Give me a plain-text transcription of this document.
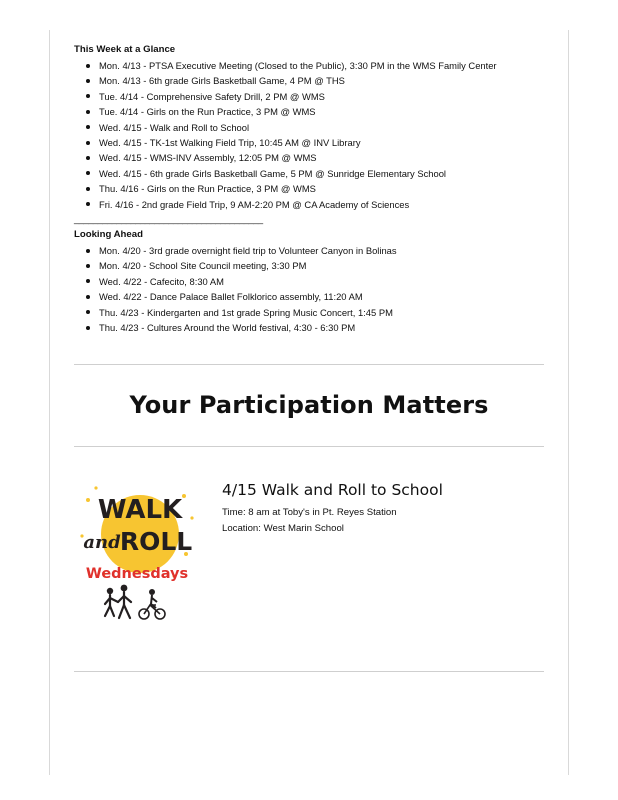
This Week at a Glance
Mon. 4/13 - PTSA Executive Meeting (Closed to the Public), 3:30 PM in the WMS Family Center
Mon. 4/13 - 6th grade Girls Basketball Game, 4 PM @ THS
Tue. 4/14 - Comprehensive Safety Drill, 2 PM @ WMS
Tue. 4/14 - Girls on the Run Practice, 3 PM @ WMS
Wed. 4/15 - Walk and Roll to School
Wed. 4/15 - TK-1st Walking Field Trip, 10:45 AM @ INV Library
Wed. 4/15 - WMS-INV Assembly, 12:05 PM @ WMS
Wed. 4/15 - 6th grade Girls Basketball Game, 5 PM @ Sunridge Elementary School
Thu. 4/16 - Girls on the Run Practice, 3 PM @ WMS
Fri. 4/16 - 2nd grade Field Trip, 9 AM-2:20 PM @ CA Academy of Sciences
________________________________________
Looking Ahead
Mon. 4/20 - 3rd grade overnight field trip to Volunteer Canyon in Bolinas
Mon. 4/20 - School Site Council meeting, 3:30 PM
Wed. 4/22 - Cafecito, 8:30 AM
Wed. 4/22 - Dance Palace Ballet Folklorico assembly, 11:20 AM
Thu. 4/23 - Kindergarten and 1st grade Spring Music Concert, 1:45 PM
Thu. 4/23 - Cultures Around the World festival, 4:30 - 6:30 PM
Your Participation Matters
WALK
and ROLL
Wednesdays
4/15 Walk and Roll to School
Time: 8 am at Toby's in Pt. Reyes Station
Location: West Marin School
